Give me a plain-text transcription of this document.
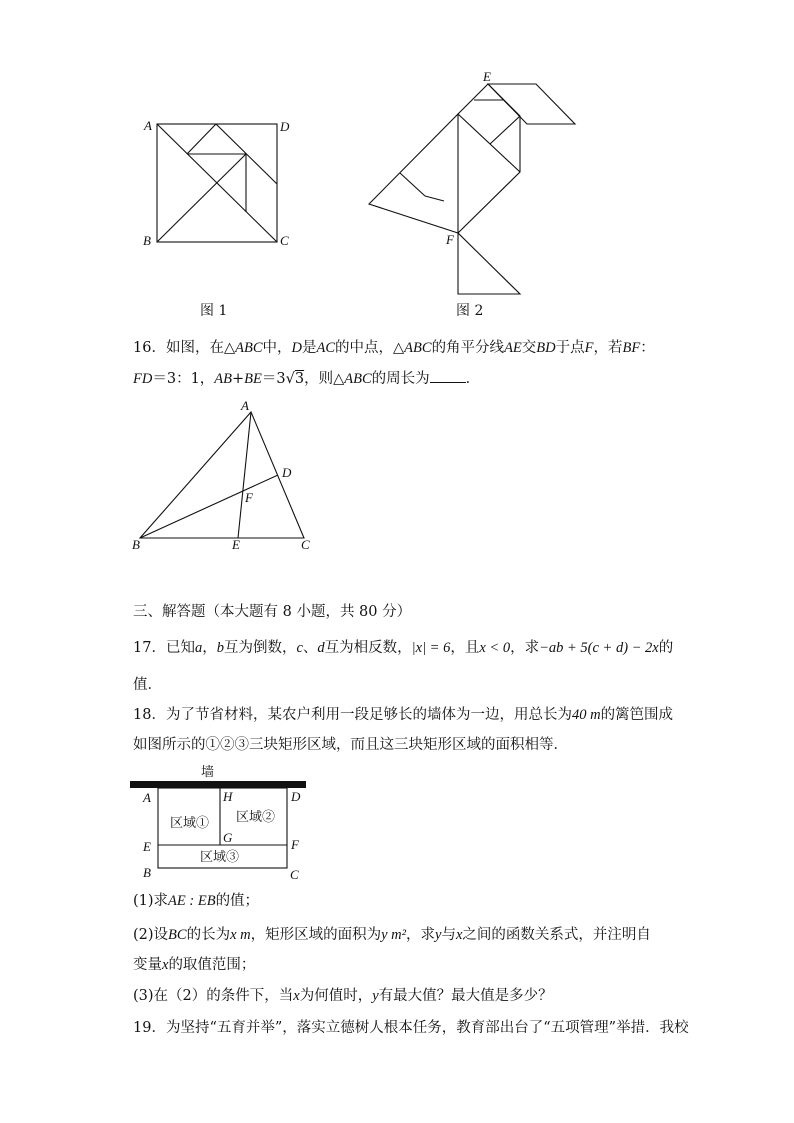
A	D
B	C
E
F
图 1	图 2
16．如图，在△ABC中，D是AC的中点，△ABC的角平分线AE交BD于点F，若BF：
FD＝3：1，AB+BE＝3√3，则△ABC的周长为 ．
A
D
F
B	E	C
三、解答题（本大题有 8 小题，共 80 分）
17．已知a，b互为倒数，c、d互为相反数，|x| = 6，且x < 0，求−ab + 5(c + d) − 2x的
值．
18．为了节省材料，某农户利用一段足够长的墙体为一边，用总长为40 m的篱笆围成
如图所示的①②③三块矩形区域，而且这三块矩形区域的面积相等．
墙
区域① 区域②
区域③
A	H	D
G
E	F
B	C
(1)求AE : EB的值；
(2)设BC的长为x m，矩形区域的面积为y m²，求y与x之间的函数关系式，并注明自
变量x的取值范围；
(3)在（2）的条件下，当x为何值时，y有最大值？最大值是多少？
19．为坚持“五育并举”，落实立德树人根本任务，教育部出台了“五项管理”举措．我校
